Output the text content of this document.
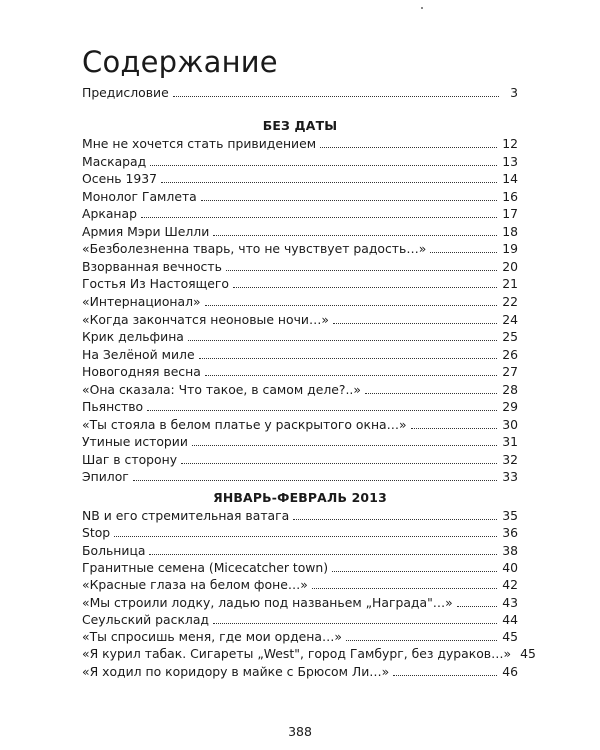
Содержание
Предисловие	3
БЕЗ ДАТЫ
Мне не хочется стать привидением	12
Маскарад	13
Осень 1937	14
Монолог Гамлета	16
Арканар	17
Армия Мэри Шелли	18
«Безболезненна тварь, что не чувствует радость…»	19
Взорванная вечность	20
Гостья Из Настоящего	21
«Интернационал»	22
«Когда закончатся неоновые ночи…»	24
Крик дельфина	25
На Зелёной миле	26
Новогодняя весна	27
«Она сказала: Что такое, в самом деле?..»	28
Пьянство	29
«Ты стояла в белом платье у раскрытого окна…»	30
Утиные истории	31
Шаг в сторону	32
Эпилог	33
ЯНВАРЬ-ФЕВРАЛЬ 2013
NB и его стремительная ватага	35
Stop	36
Больница	38
Гранитные семена (Micecatcher town)	40
«Красные глаза на белом фоне…»	42
«Мы строили лодку, ладью под названьем „Награда"…»	43
Сеульский расклад	44
«Ты спросишь меня, где мои ордена…»	45
«Я курил табак. Сигареты „West", город Гамбург, без дураков…» 45
«Я ходил по коридору в майке с Брюсом Ли…»	46
388
